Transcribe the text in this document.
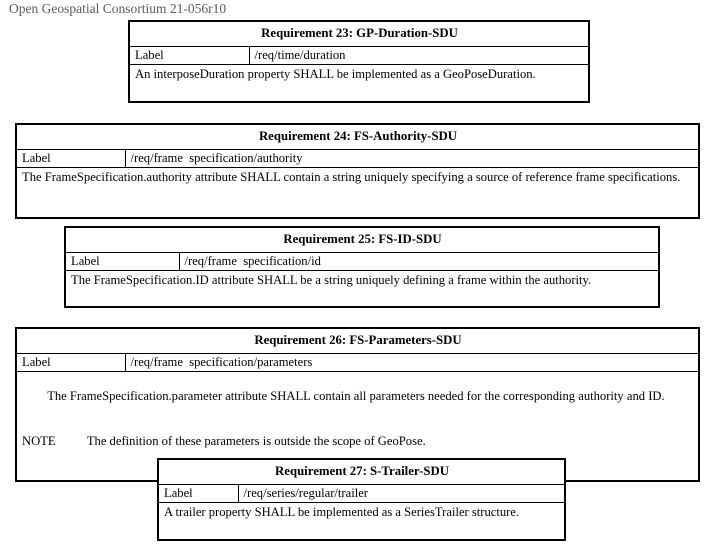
Open Geospatial Consortium 21-056r10
Requirement 23: GP-Duration-SDU
Label	/req/time/duration
An interposeDuration property SHALL be implemented as a GeoPoseDuration.
Requirement 24: FS-Authority-SDU
Label	/req/frame  specification/authority
The FrameSpecification.authority attribute SHALL contain a string uniquely specifying a source of reference frame specifications.
Requirement 25: FS-ID-SDU
Label	/req/frame  specification/id
The FrameSpecification.ID attribute SHALL be a string uniquely defining a frame within the authority.
Requirement 26: FS-Parameters-SDU
Label	/req/frame  specification/parameters

The FrameSpecification.parameter attribute SHALL contain all parameters needed for the corresponding authority and ID.

NOTE          The definition of these parameters is outside the scope of GeoPose.

Requirement 27: S-Trailer-SDU
Label	/req/series/regular/trailer
A trailer property SHALL be implemented as a SeriesTrailer structure.
